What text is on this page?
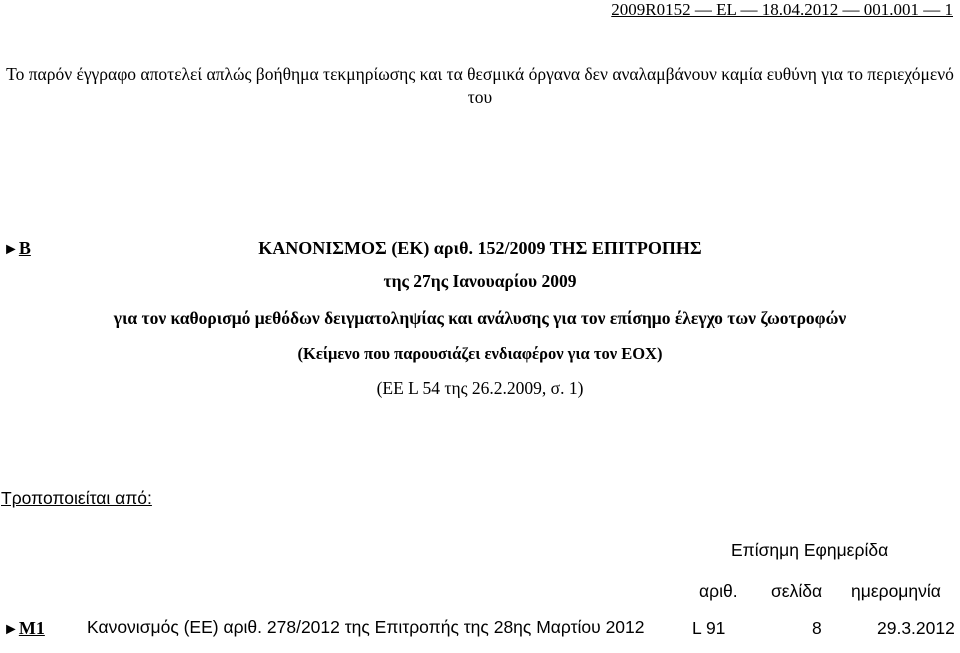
2009R0152 — EL — 18.04.2012 — 001.001 — 1
Το παρόν έγγραφο αποτελεί απλώς βοήθημα τεκμηρίωσης και τα θεσμικά όργανα δεν αναλαμβάνουν καμία ευθύνη για το περιεχόμενό του
►B	ΚΑΝΟΝΙΣΜΟΣ (ΕΚ) αριθ. 152/2009 ΤΗΣ ΕΠΙΤΡΟΠΗΣ
της 27ης Ιανουαρίου 2009
για τον καθορισμό μεθόδων δειγματοληψίας και ανάλυσης για τον επίσημο έλεγχο των ζωοτροφών
(Κείμενο που παρουσιάζει ενδιαφέρον για τον ΕΟΧ)
(ΕΕ L 54 της 26.2.2009, σ. 1)
Τροποποιείται από:
Επίσημη Εφημερίδα
αριθ. σελίδα ημερομηνία
►M1 Κανονισμός (ΕΕ) αριθ. 278/2012 της Επιτροπής της 28ης Μαρτίου 2012	L 91	8	29.3.2012
